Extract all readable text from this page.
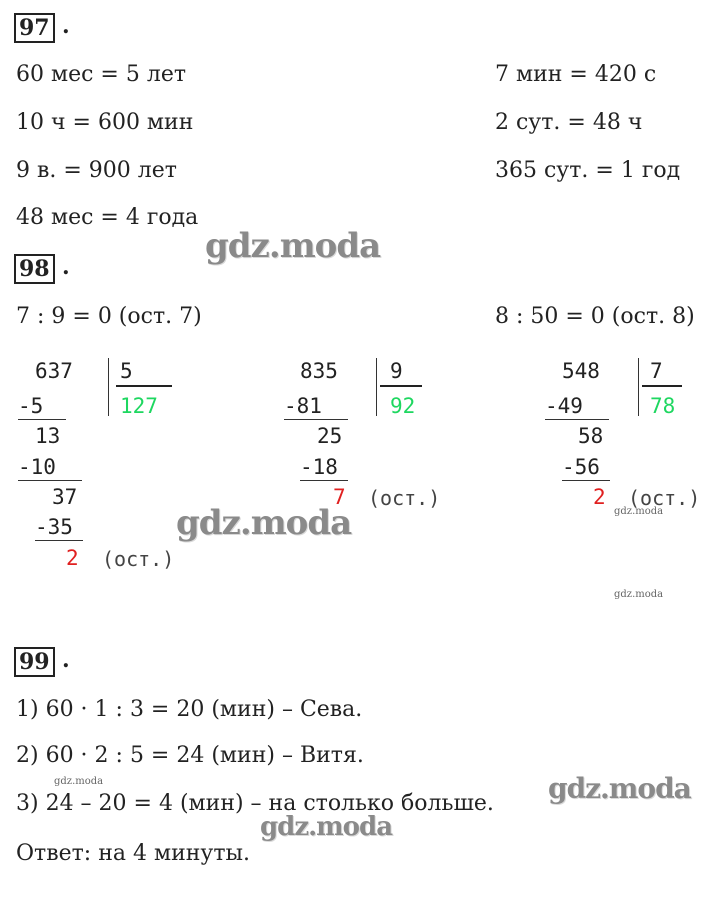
97 .
60 мес = 5 лет
10 ч = 600 мин
9 в. = 900 лет
48 мес = 4 года
7 мин = 420 с
2 сут. = 48 ч
365 сут. = 1 год
98 .
7 : 9 = 0 (ост. 7)	8 : 50 = 0 (ост. 8)
637 5
127
-5
13
-10
37
-35
2 (ост.)
835 9
92
-81
25
-18
7 (ост.)
548 7
78
-49
58
-56
2 (ост.)
99 .
1) 60 · 1 : 3 = 20 (мин) – Сева.
2) 60 · 2 : 5 = 24 (мин) – Витя.
3) 24 – 20 = 4 (мин) – на столько больше.
Ответ: на 4 минуты.
gdz.moda
gdz.moda
gdz.moda
gdz.moda
gdz.moda
gdz.moda
gdz.moda
